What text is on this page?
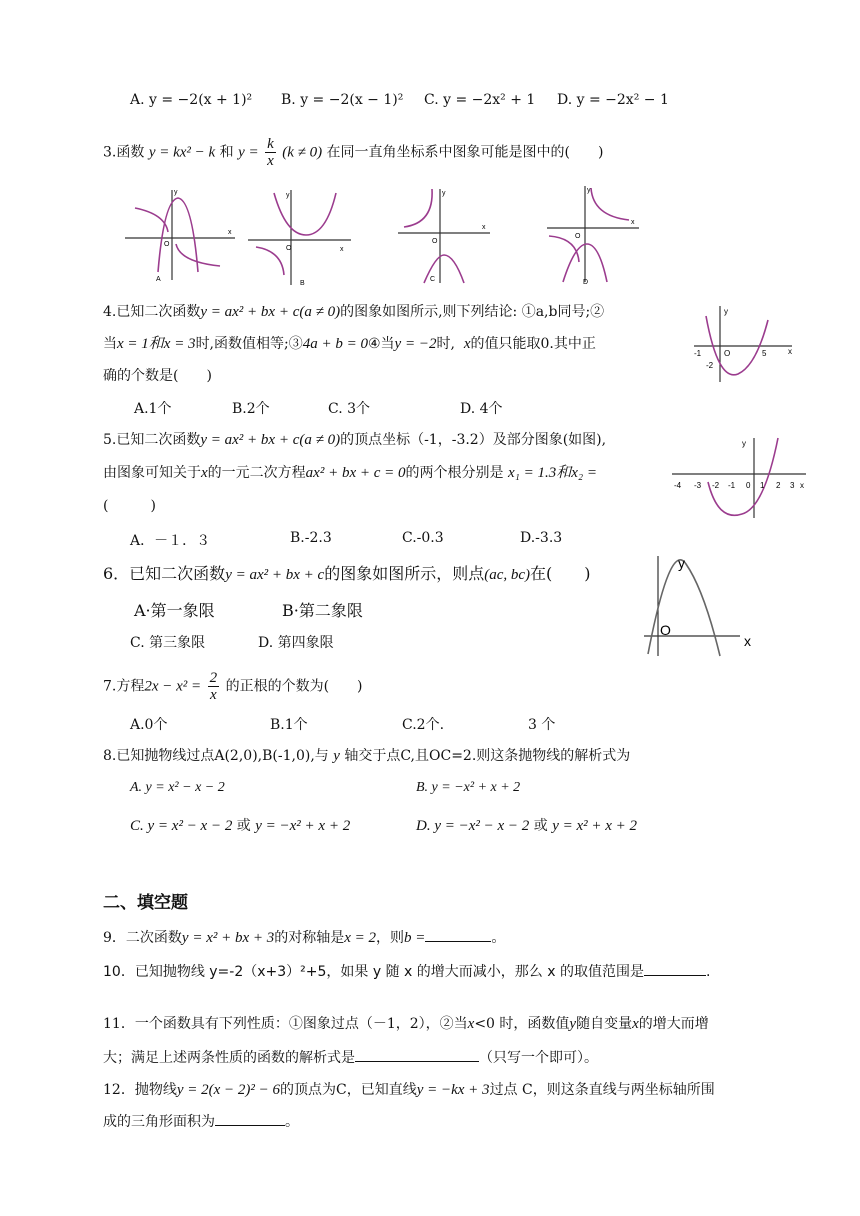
A. y = −2(x + 1)² B. y = −2(x − 1)² C. y = −2x² + 1 D. y = −2x² − 1
3.函数 y = kx² − k 和 $y = \frac{k}{x} (k \ne 0)$ 在同一直角坐标系中图象可能是图中的(　　)
y
x
O
A
y
x
O
B
y
x
O
C
y
x
O
D
4.已知二次函数y = ax² + bx + c(a ≠ 0)的图象如图所示,则下列结论: ①a,b同号;②
当x = 1和x = 3时,函数值相等;③4a + b = 0④当y = −2时, x的值只能取0.其中正
确的个数是(　　)
A.1个	B.2个	C. 3个	D. 4个
y
x
-1	O	5
-2
5.已知二次函数y = ax² + bx + c(a ≠ 0)的顶点坐标（-1，-3.2）及部分图象(如图),
由图象可知关于x的一元二次方程ax² + bx + c = 0的两个根分别是 x₁ = 1.3和x₂ =
(　　　)
A．－１．３	B.-2.3	C.-0.3	D.-3.3
y
x
-4 -3 -2 -1 0 1 2 3
6．已知二次函数y = ax² + bx + c的图象如图所示，则点(ac, bc)在(　　)
A·第一象限	B·第二象限
C. 第三象限	D. 第四象限
y
x
O
7.方程$2x - x^2 = \frac{2}{x}$ 的正根的个数为(　　)
A.0个	B.1个	C.2个.	3 个
8.已知抛物线过点A(2,0),B(-1,0),与 y 轴交于点C,且OC=2.则这条抛物线的解析式为
A. y = x² − x − 2	B. y = −x² + x + 2
C. y = x² − x − 2 或 y = −x² + x + 2	D. y = −x² − x − 2 或 y = x² + x + 2
二、填空题
9．二次函数y = x² + bx + 3的对称轴是x = 2，则b =	。
10．已知抛物线 y=-2（x+3）²+5，如果 y 随 x 的增大而减小，那么 x 的取值范围是	.
11．一个函数具有下列性质：①图象过点（－1，2），②当x<0 时，函数值y随自变量x的增大而增
大；满足上述两条性质的函数的解析式是	（只写一个即可）。
12．抛物线y = 2(x − 2)² − 6的顶点为C，已知直线y = −kx + 3过点 C，则这条直线与两坐标轴所围
成的三角形面积为	。
